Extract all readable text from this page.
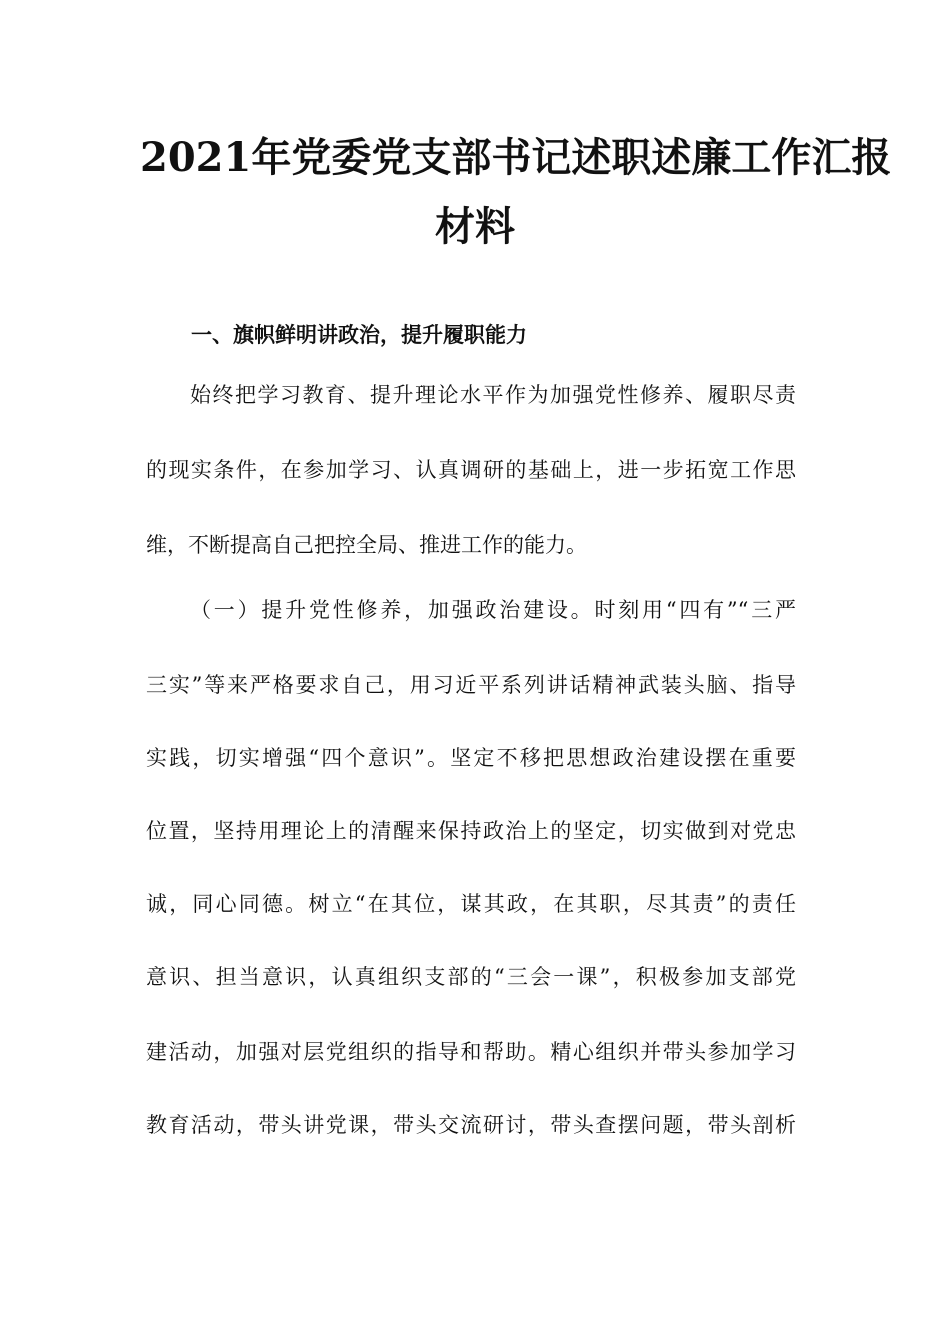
2021年党委党支部书记述职述廉工作汇报
材料
一、旗帜鲜明讲政治，提升履职能力
始终把学习教育、提升理论水平作为加强党性修养、履职尽责
的现实条件，在参加学习、认真调研的基础上，进一步拓宽工作思
维，不断提高自己把控全局、推进工作的能力。
（一）提升党性修养，加强政治建设。时刻用“四有”“三严
三实”等来严格要求自己，用习近平系列讲话精神武装头脑、指导
实践，切实增强“四个意识”。坚定不移把思想政治建设摆在重要
位置，坚持用理论上的清醒来保持政治上的坚定，切实做到对党忠
诚，同心同德。树立“在其位，谋其政，在其职，尽其责”的责任
意识、担当意识，认真组织支部的“三会一课”，积极参加支部党
建活动，加强对层党组织的指导和帮助。精心组织并带头参加学习
教育活动，带头讲党课，带头交流研讨，带头查摆问题，带头剖析
